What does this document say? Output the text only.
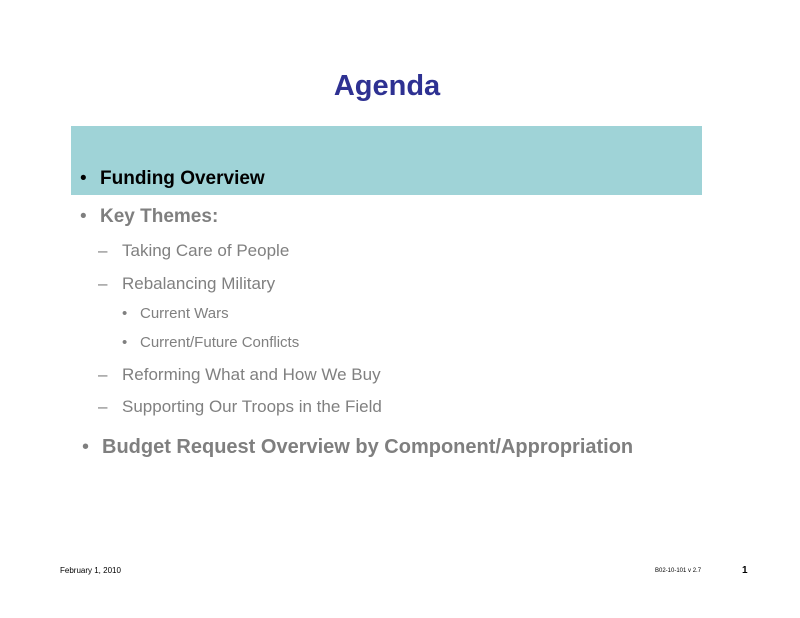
Agenda
• Funding Overview
• Key Themes:
– Taking Care of People
– Rebalancing Military
• Current Wars
• Current/Future Conflicts
– Reforming What and How We Buy
– Supporting Our Troops in the Field
• Budget Request Overview by Component/Appropriation
February 1, 2010	B02-10-101 v 2.7	1
